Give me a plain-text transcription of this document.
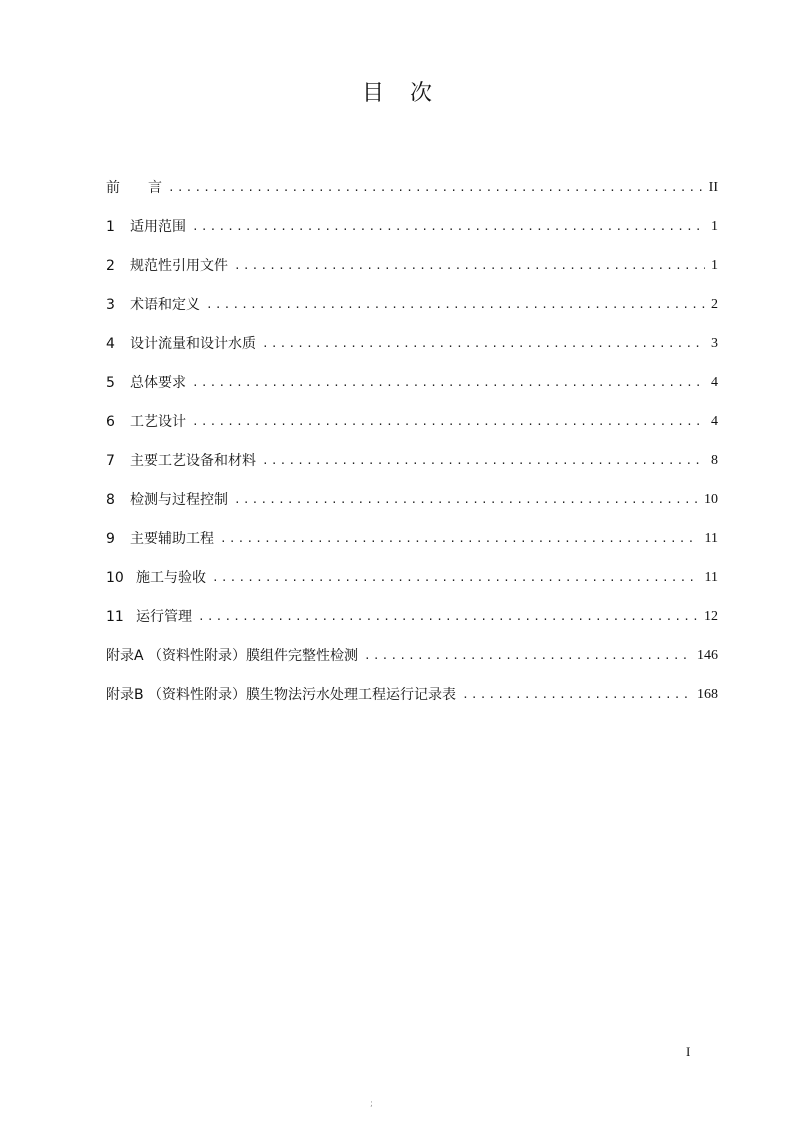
目 次
前　　言 .....	II
1 适用范围 .....	1
2 规范性引用文件 .....	1
3 术语和定义 .....	2
4 设计流量和设计水质 .....	3
5 总体要求 .....	4
6 工艺设计 .....	4
7 主要工艺设备和材料 .....	8
8 检测与过程控制 .....	10
9 主要辅助工程 .....	11
10 施工与验收 .....	11
11 运行管理 .....	12
附录A （资料性附录）膜组件完整性检测 .....	146
附录B （资料性附录）膜生物法污水处理工程运行记录表 .....	168
I
;
